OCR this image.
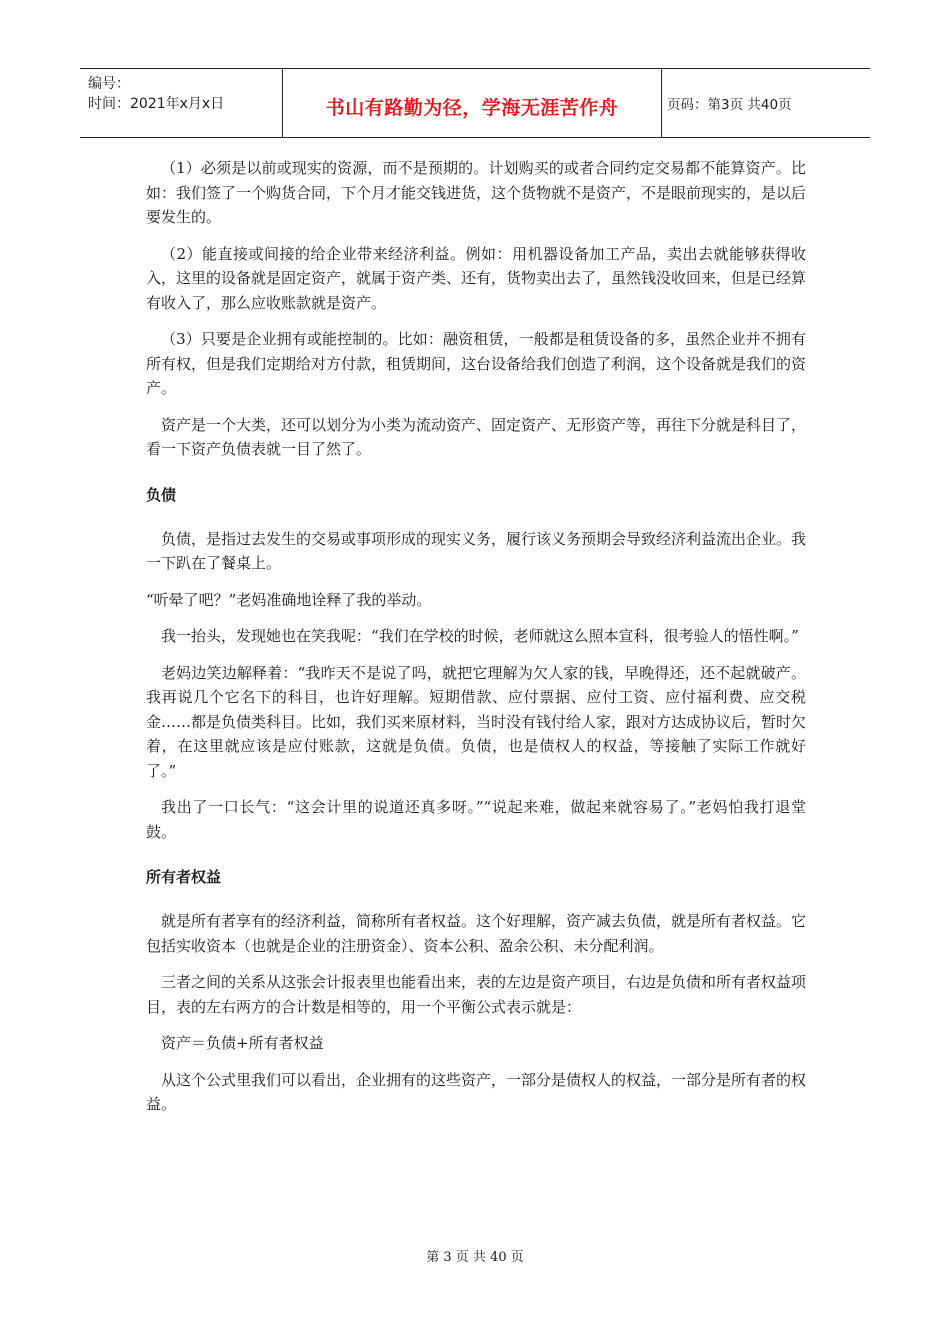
编号：
时间：2021年x月x日	书山有路勤为径，学海无涯苦作舟	页码：第3页 共40页

（1）必须是以前或现实的资源，而不是预期的。计划购买的或者合同约定交易都不能算资产。比如：我们签了一个购货合同，下个月才能交钱进货，这个货物就不是资产，不是眼前现实的，是以后要发生的。

（2）能直接或间接的给企业带来经济利益。例如：用机器设备加工产品，卖出去就能够获得收入，这里的设备就是固定资产，就属于资产类、还有，货物卖出去了，虽然钱没收回来，但是已经算有收入了，那么应收账款就是资产。

（3）只要是企业拥有或能控制的。比如：融资租赁，一般都是租赁设备的多，虽然企业并不拥有所有权，但是我们定期给对方付款，租赁期间，这台设备给我们创造了利润，这个设备就是我们的资产。

资产是一个大类，还可以划分为小类为流动资产、固定资产、无形资产等，再往下分就是科目了，看一下资产负债表就一目了然了。

负债

负债，是指过去发生的交易或事项形成的现实义务，履行该义务预期会导致经济利益流出企业。我一下趴在了餐桌上。

“听晕了吧？”老妈准确地诠释了我的举动。

我一抬头，发现她也在笑我呢：“我们在学校的时候，老师就这么照本宣科，很考验人的悟性啊。”

老妈边笑边解释着：“我昨天不是说了吗，就把它理解为欠人家的钱，早晚得还，还不起就破产。我再说几个它名下的科目，也许好理解。短期借款、应付票据、应付工资、应付福利费、应交税金……都是负债类科目。比如，我们买来原材料，当时没有钱付给人家，跟对方达成协议后，暂时欠着，在这里就应该是应付账款，这就是负债。负债，也是债权人的权益，等接触了实际工作就好了。”

我出了一口长气：“这会计里的说道还真多呀。”“说起来难，做起来就容易了。”老妈怕我打退堂鼓。

所有者权益

就是所有者享有的经济利益，简称所有者权益。这个好理解，资产减去负债，就是所有者权益。它包括实收资本（也就是企业的注册资金）、资本公积、盈余公积、未分配利润。

三者之间的关系从这张会计报表里也能看出来，表的左边是资产项目，右边是负债和所有者权益项目，表的左右两方的合计数是相等的，用一个平衡公式表示就是：

资产＝负债+所有者权益

从这个公式里我们可以看出，企业拥有的这些资产，一部分是债权人的权益，一部分是所有者的权益。

第 3 页 共 40 页
